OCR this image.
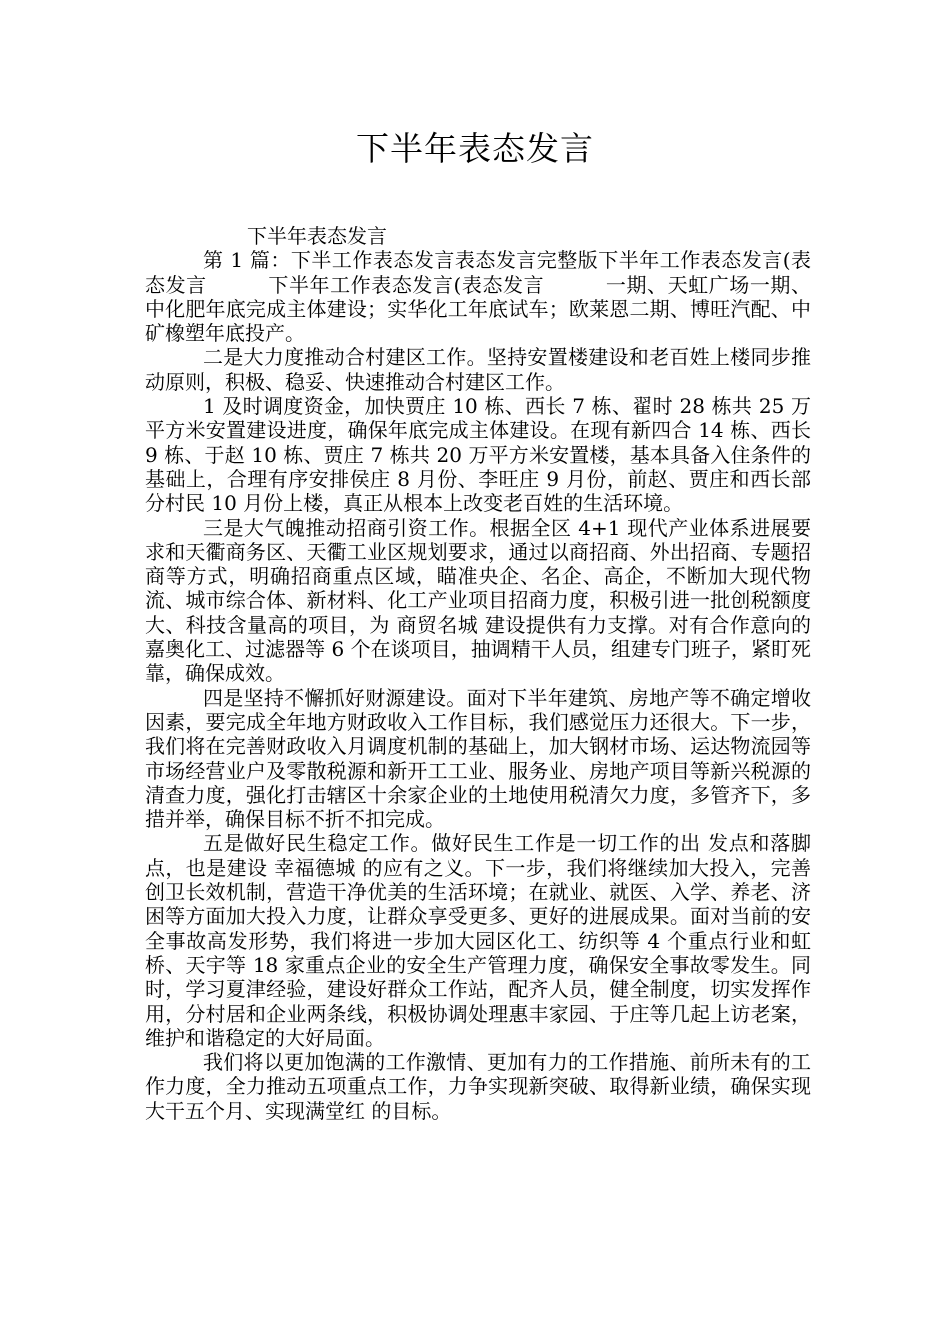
下半年表态发言

下半年表态发言

第 1 篇：下半工作表态发言表态发言完整版下半年工作表态发言(表态发言　　　下半年工作表态发言(表态发言　　　一期、天虹广场一期、中化肥年底完成主体建设；实华化工年底试车；欧莱恩二期、博旺汽配、中矿橡塑年底投产。

二是大力度推动合村建区工作。坚持安置楼建设和老百姓上楼同步推动原则，积极、稳妥、快速推动合村建区工作。

1 及时调度资金，加快贾庄 10 栋、西长 7 栋、翟时 28 栋共 25 万平方米安置建设进度，确保年底完成主体建设。在现有新四合 14 栋、西长 9 栋、于赵 10 栋、贾庄 7 栋共 20 万平方米安置楼，基本具备入住条件的基础上，合理有序安排侯庄 8 月份、李旺庄 9 月份，前赵、贾庄和西长部分村民 10 月份上楼，真正从根本上改变老百姓的生活环境。

三是大气魄推动招商引资工作。根据全区 4+1 现代产业体系进展要求和天衢商务区、天衢工业区规划要求，通过以商招商、外出招商、专题招商等方式，明确招商重点区域，瞄准央企、名企、高企，不断加大现代物流、城市综合体、新材料、化工产业项目招商力度，积极引进一批创税额度大、科技含量高的项目，为 商贸名城 建设提供有力支撑。对有合作意向的嘉奥化工、过滤器等 6 个在谈项目，抽调精干人员，组建专门班子，紧盯死靠，确保成效。

四是坚持不懈抓好财源建设。面对下半年建筑、房地产等不确定增收因素，要完成全年地方财政收入工作目标，我们感觉压力还很大。下一步，我们将在完善财政收入月调度机制的基础上，加大钢材市场、运达物流园等市场经营业户及零散税源和新开工工业、服务业、房地产项目等新兴税源的清查力度，强化打击辖区十余家企业的土地使用税清欠力度，多管齐下，多措并举，确保目标不折不扣完成。

五是做好民生稳定工作。做好民生工作是一切工作的出 发点和落脚点，也是建设 幸福德城 的应有之义。下一步，我们将继续加大投入，完善创卫长效机制，营造干净优美的生活环境；在就业、就医、入学、养老、济困等方面加大投入力度，让群众享受更多、更好的进展成果。面对当前的安全事故高发形势，我们将进一步加大园区化工、纺织等 4 个重点行业和虹桥、天宇等 18 家重点企业的安全生产管理力度，确保安全事故零发生。同时，学习夏津经验，建设好群众工作站，配齐人员，健全制度，切实发挥作用，分村居和企业两条线，积极协调处理惠丰家园、于庄等几起上访老案，维护和谐稳定的大好局面。

我们将以更加饱满的工作激情、更加有力的工作措施、前所未有的工作力度，全力推动五项重点工作，力争实现新突破、取得新业绩，确保实现 大干五个月、实现满堂红 的目标。
